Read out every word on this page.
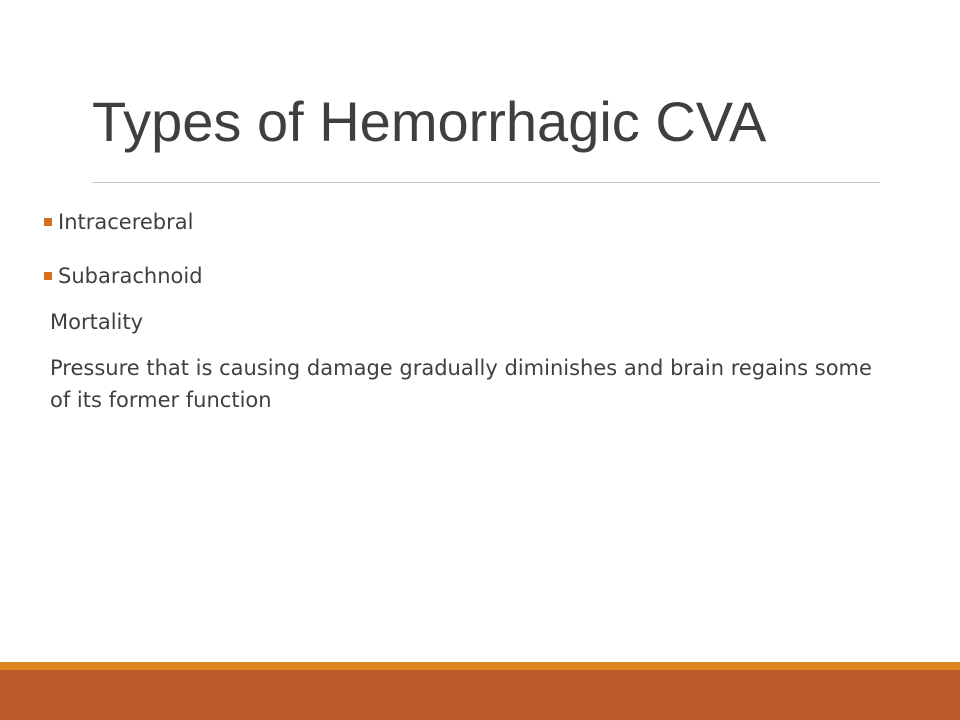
Types of Hemorrhagic CVA
Intracerebral
Subarachnoid

Mortality

Pressure that is causing damage gradually diminishes and brain regains some of its former function
